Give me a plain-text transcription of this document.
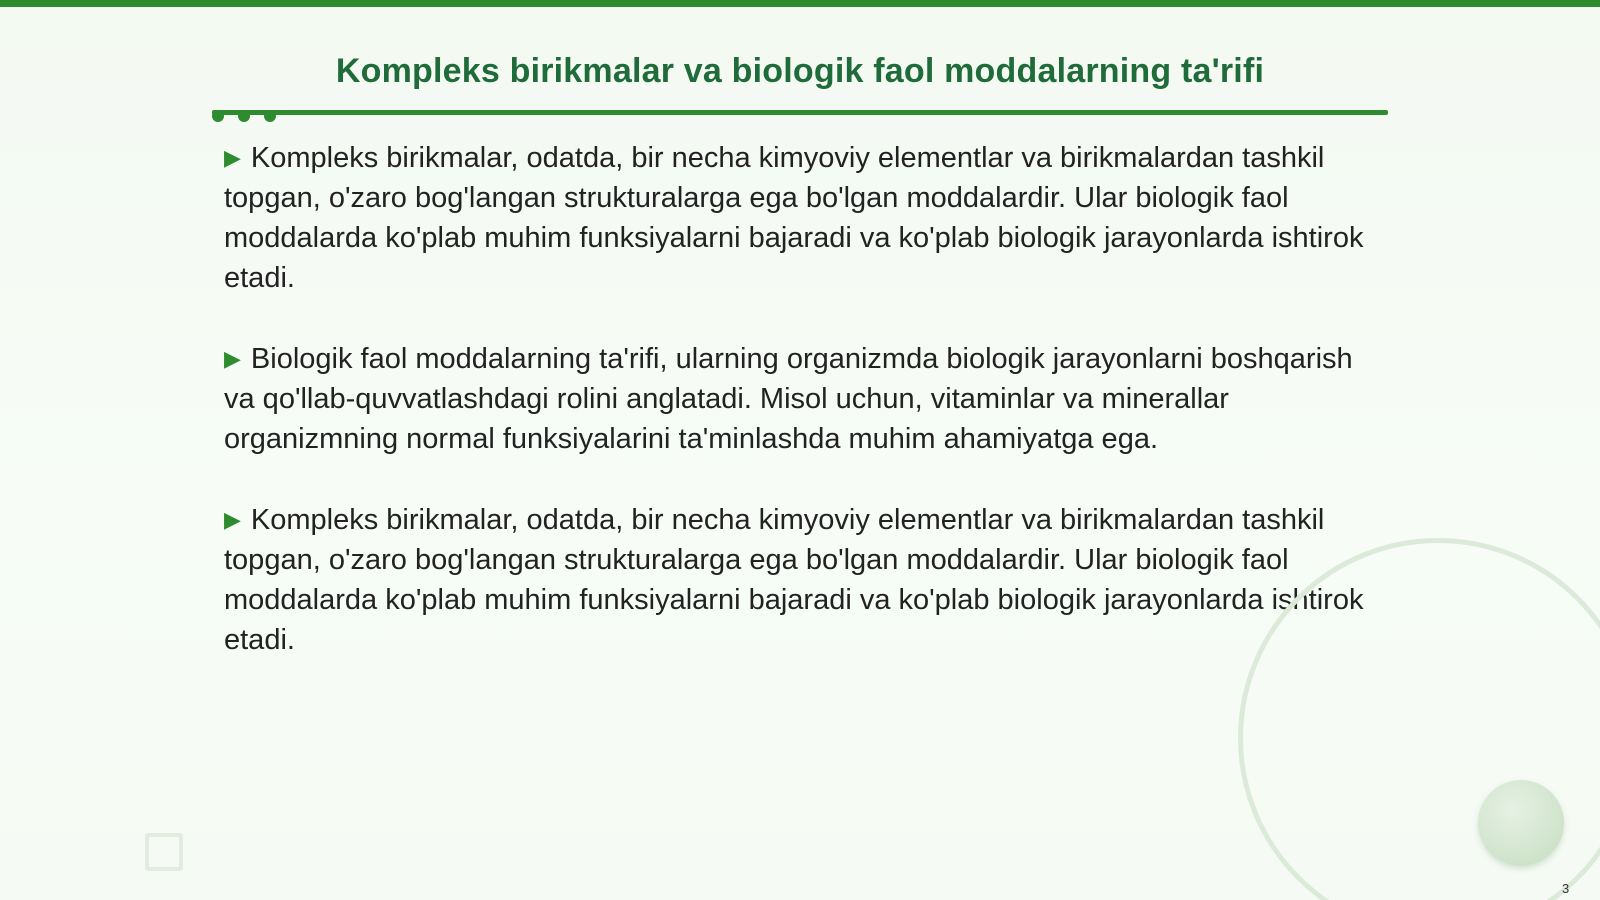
Kompleks birikmalar va biologik faol moddalarning ta'rifi

▶ Kompleks birikmalar, odatda, bir necha kimyoviy elementlar va birikmalardan tashkil topgan, o'zaro bog'langan strukturalarga ega bo'lgan moddalardir. Ular biologik faol moddalarda ko'plab muhim funksiyalarni bajaradi va ko'plab biologik jarayonlarda ishtirok etadi.

▶ Biologik faol moddalarning ta'rifi, ularning organizmda biologik jarayonlarni boshqarish va qo'llab-quvvatlashdagi rolini anglatadi. Misol uchun, vitaminlar va minerallar organizmning normal funksiyalarini ta'minlashda muhim ahamiyatga ega.

▶ Kompleks birikmalar, odatda, bir necha kimyoviy elementlar va birikmalardan tashkil topgan, o'zaro bog'langan strukturalarga ega bo'lgan moddalardir. Ular biologik faol moddalarda ko'plab muhim funksiyalarni bajaradi va ko'plab biologik jarayonlarda ishtirok etadi.

3
